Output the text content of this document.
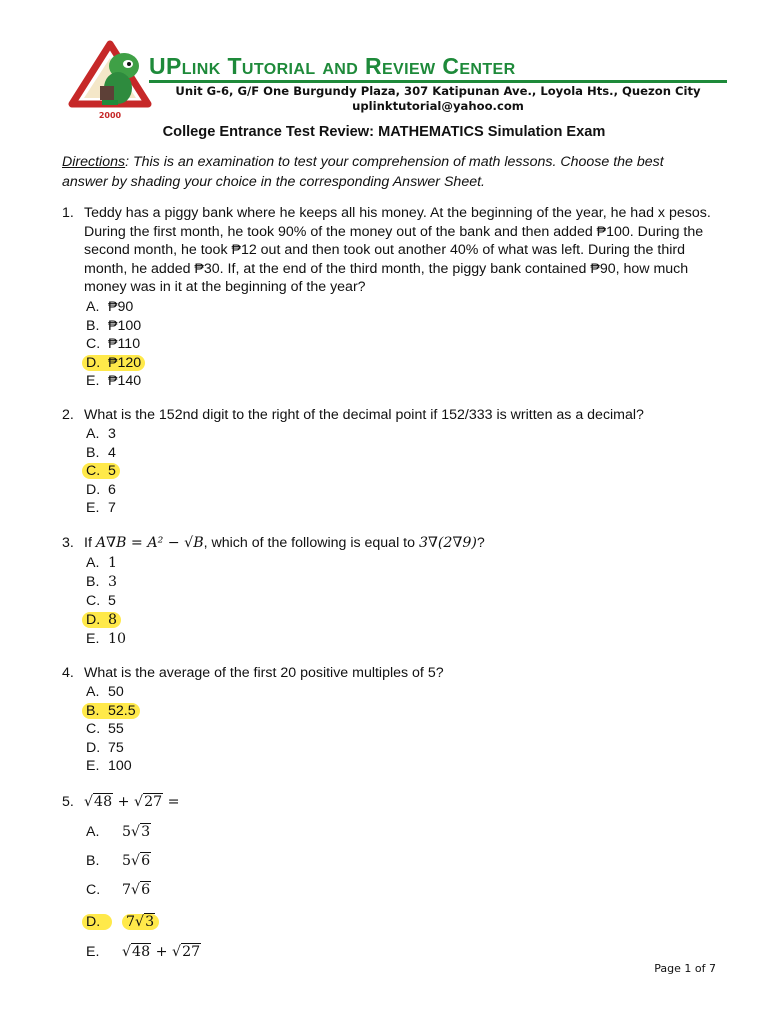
2000
UPlink Tutorial and Review Center
Unit G-6, G/F One Burgundy Plaza, 307 Katipunan Ave., Loyola Hts., Quezon City
uplinktutorial@yahoo.com
College Entrance Test Review: MATHEMATICS Simulation Exam
Directions: This is an examination to test your comprehension of math lessons. Choose the best answer by shading your choice in the corresponding Answer Sheet.
1. Teddy has a piggy bank where he keeps all his money. At the beginning of the year, he had x pesos. During the first month, he took 90% of the money out of the bank and then added ₱100. During the second month, he took ₱12 out and then took out another 40% of what was left. During the third month, he added ₱30. If, at the end of the third month, the piggy bank contained ₱90, how much money was in it at the beginning of the year?
A. ₱90
B. ₱100
C. ₱110
D. ₱120
E. ₱140
2. What is the 152nd digit to the right of the decimal point if 152/333 is written as a decimal?
A. 3
B. 4
C. 5
D. 6
E. 7
3. If A∇B = A² − √B, which of the following is equal to 3∇(2∇9)?
A. 1
B. 3
C. 5
D. 8
E. 10
4. What is the average of the first 20 positive multiples of 5?
A. 50
B. 52.5
C. 55
D. 75
E. 100
5. √48 + √27 =
A. 5√3
B. 5√6
C. 7√6
D. 7√3
E. √48 + √27
Page 1 of 7
